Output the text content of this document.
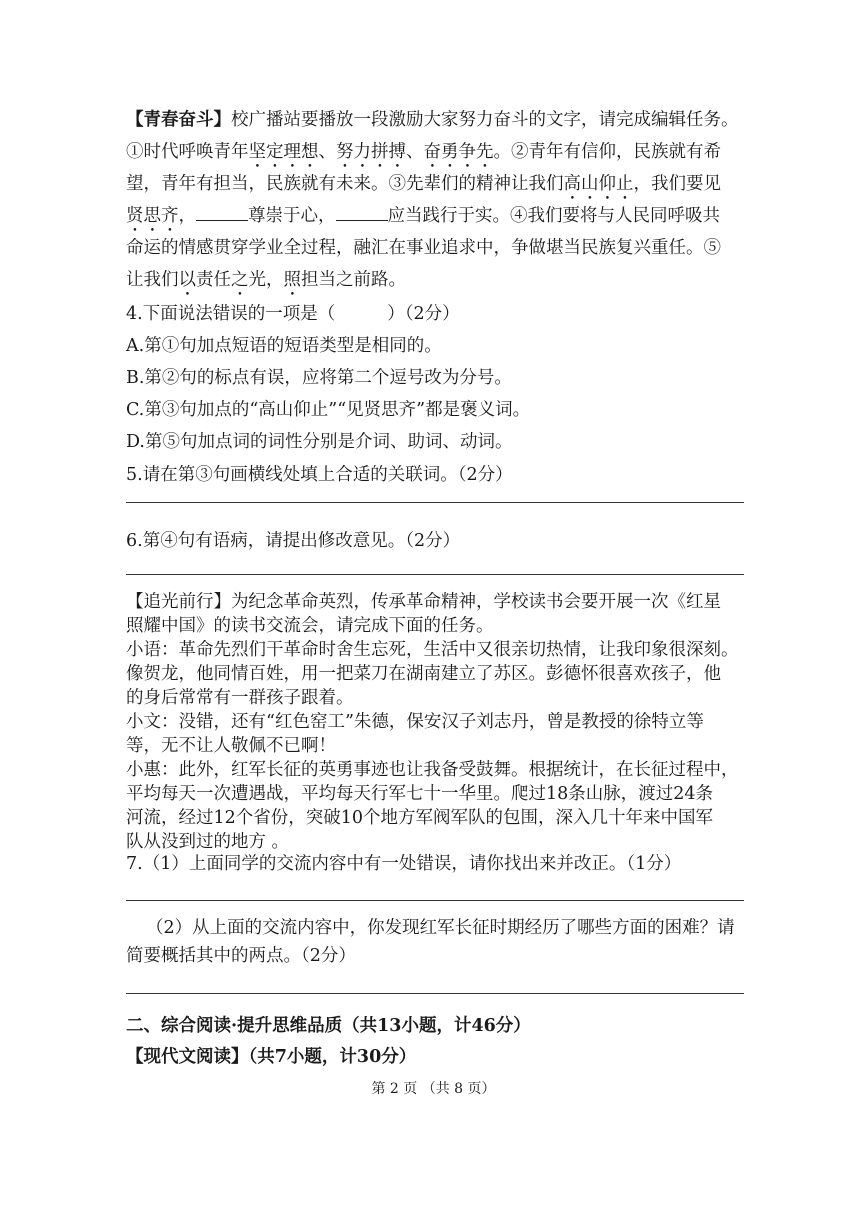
【青春奋斗】校广播站要播放一段激励大家努力奋斗的文字，请完成编辑任务。
①时代呼唤青年坚定理想、努力拼搏、奋勇争先。②青年有信仰，民族就有希
望，青年有担当，民族就有未来。③先辈们的精神让我们高山仰止，我们要见
贤思齐，	尊崇于心，	应当践行于实。④我们要将与人民同呼吸共
命运的情感贯穿学业全过程，融汇在事业追求中，争做堪当民族复兴重任。⑤
让我们以责任之光，照担当之前路。
4.下面说法错误的一项是（	）（2分）
A.第①句加点短语的短语类型是相同的。
B.第②句的标点有误，应将第二个逗号改为分号。
C.第③句加点的“高山仰止”“见贤思齐”都是褒义词。
D.第⑤句加点词的词性分别是介词、助词、动词。
5.请在第③句画横线处填上合适的关联词。（2分）
6.第④句有语病，请提出修改意见。（2分）
【追光前行】为纪念革命英烈，传承革命精神，学校读书会要开展一次《红星
照耀中国》的读书交流会，请完成下面的任务。
小语：革命先烈们干革命时舍生忘死，生活中又很亲切热情，让我印象很深刻。
像贺龙，他同情百姓，用一把菜刀在湖南建立了苏区。彭德怀很喜欢孩子，他
的身后常常有一群孩子跟着。
小文：没错，还有“红色窑工”朱德，保安汉子刘志丹，曾是教授的徐特立等
等，无不让人敬佩不已啊！
小惠：此外，红军长征的英勇事迹也让我备受鼓舞。根据统计，在长征过程中，
平均每天一次遭遇战，平均每天行军七十一华里。爬过18条山脉，渡过24条
河流，经过12个省份，突破10个地方军阀军队的包围，深入几十年来中国军
队从没到过的地方 。
7.（1）上面同学的交流内容中有一处错误，请你找出来并改正。（1分）
（2）从上面的交流内容中，你发现红军长征时期经历了哪些方面的困难？请
简要概括其中的两点。（2分）
二、综合阅读·提升思维品质（共13小题，计46分）
【现代文阅读】（共7小题，计30分）
第 2 页 （共 8 页）
